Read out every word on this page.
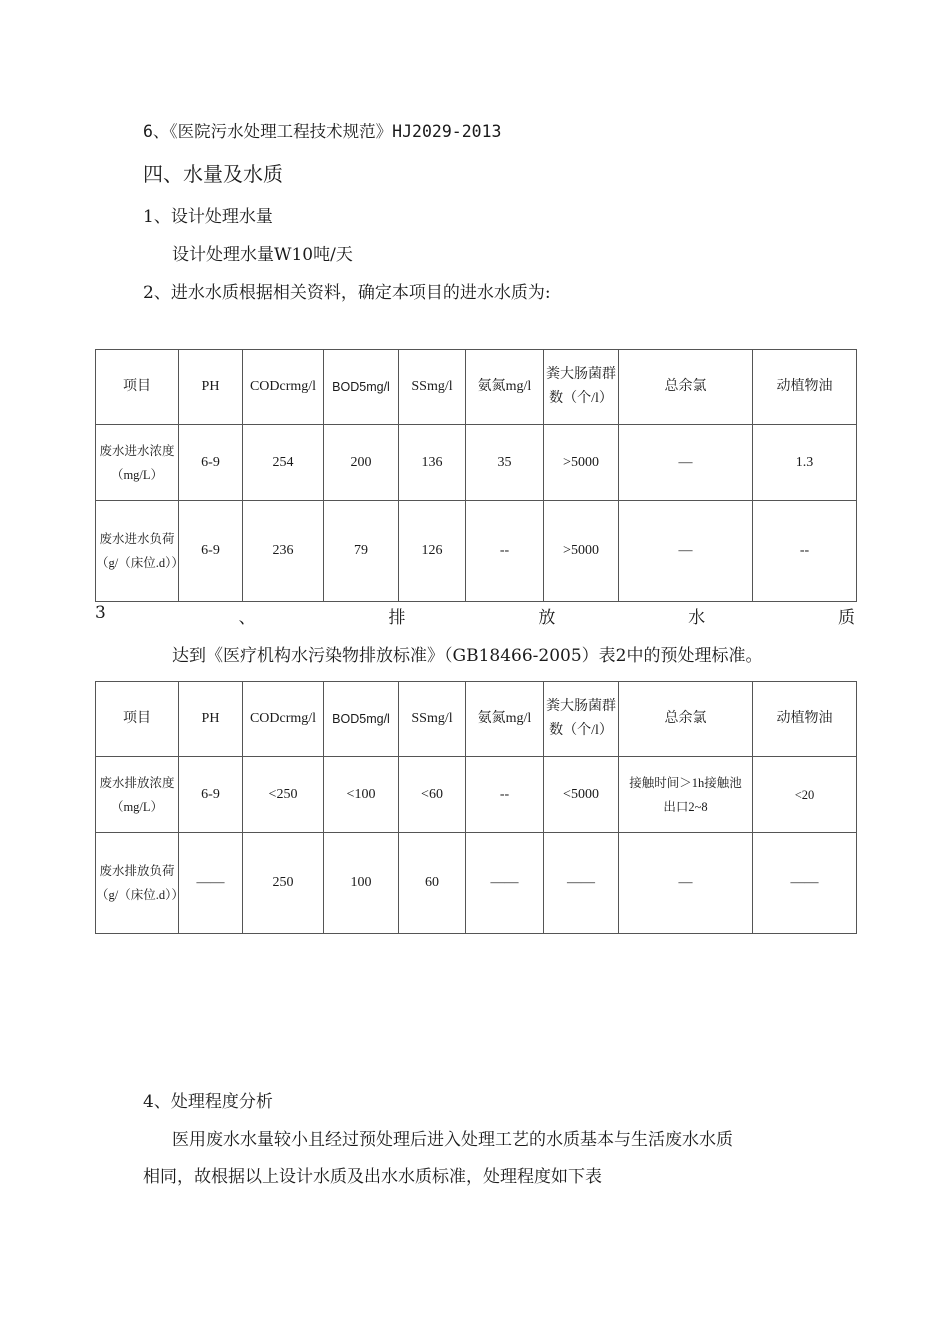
6、《医院污水处理工程技术规范》HJ2029-2013
四、水量及水质
1、设计处理水量
设计处理水量W10吨/天
2、进水水质根据相关资料，确定本项目的进水水质为:
项目	PH	CODcrmg/l	BOD5mg/l	SSmg/l	氨氮mg/l	粪大肠菌群数（个/l）	总余氯	动植物油
废水进水浓度（mg/L）	6-9	254	200	136	35	>5000	—	1.3
废水进水负荷（g/（床位.d））	6-9	236	79	126	--	>5000	—	--
3	、	排	放	水	质
达到《医疗机构水污染物排放标准》（GB18466-2005）表2中的预处理标准。
项目	PH	CODcrmg/l	BOD5mg/l	SSmg/l	氨氮mg/l	粪大肠菌群数（个/l）	总余氯	动植物油
废水排放浓度（mg/L）	6-9	<250	<100	<60	--	<5000	接触时间＞1h接触池出口2~8	<20
废水排放负荷（g/（床位.d））	——	250	100	60	——	——	—	——
4、处理程度分析
医用废水水量较小且经过预处理后进入处理工艺的水质基本与生活废水水质
相同，故根据以上设计水质及出水水质标准，处理程度如下表
